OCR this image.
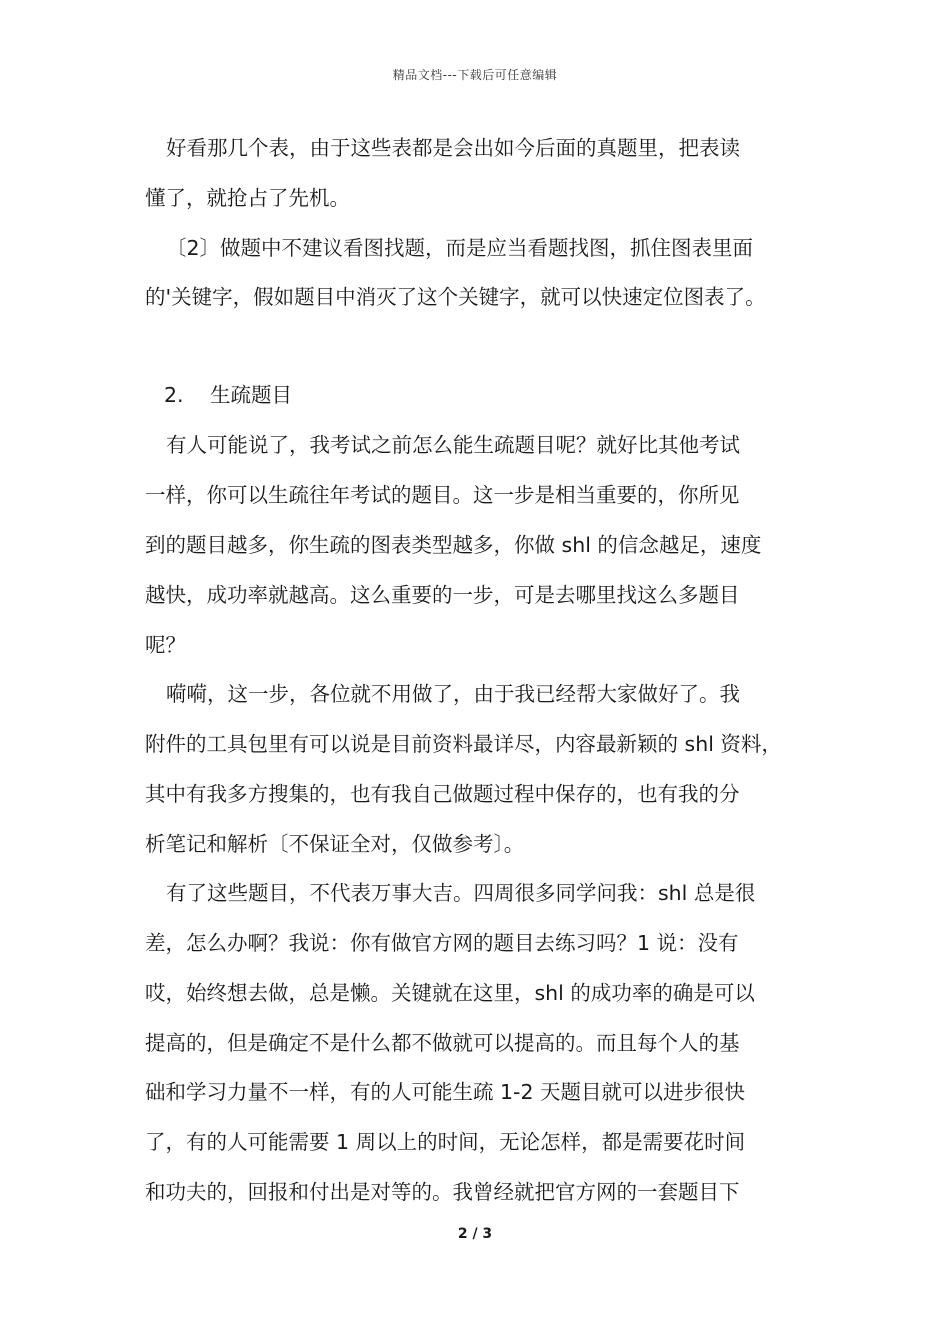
精品文档---下载后可任意编辑
好看那几个表，由于这些表都是会出如今后面的真题里，把表读
懂了，就抢占了先机。
〔2〕做题中不建议看图找题，而是应当看题找图，抓住图表里面
的'关键字，假如题目中消灭了这个关键字，就可以快速定位图表了。
2. 生疏题目
有人可能说了，我考试之前怎么能生疏题目呢？就好比其他考试
一样，你可以生疏往年考试的题目。这一步是相当重要的，你所见
到的题目越多，你生疏的图表类型越多，你做 shl 的信念越足，速度
越快，成功率就越高。这么重要的一步，可是去哪里找这么多题目
呢？
嗬嗬，这一步，各位就不用做了，由于我已经帮大家做好了。我
附件的工具包里有可以说是目前资料最详尽，内容最新颖的 shl 资料，
其中有我多方搜集的，也有我自己做题过程中保存的，也有我的分
析笔记和解析〔不保证全对，仅做参考〕。
有了这些题目，不代表万事大吉。四周很多同学问我：shl 总是很
差，怎么办啊？我说：你有做官方网的题目去练习吗？1 说：没有
哎，始终想去做，总是懒。关键就在这里，shl 的成功率的确是可以
提高的，但是确定不是什么都不做就可以提高的。而且每个人的基
础和学习力量不一样，有的人可能生疏 1-2 天题目就可以进步很快
了，有的人可能需要 1 周以上的时间，无论怎样，都是需要花时间
和功夫的，回报和付出是对等的。我曾经就把官方网的一套题目下
2 / 3
